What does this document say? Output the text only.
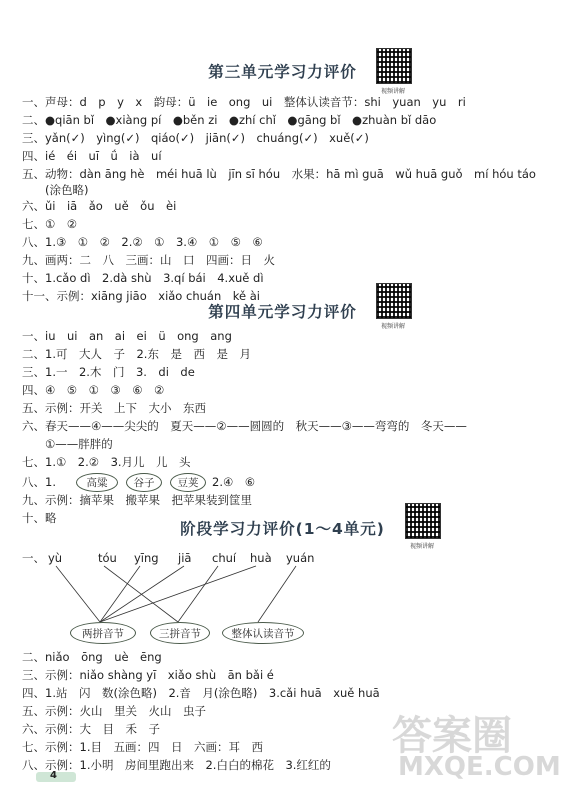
第三单元学习力评价
视频讲解
一、声母：d　p　y　x　韵母：ü　ie　ong　ui　整体认读音节：shi　yuan　yu　ri
二、●qiān bǐ　●xiàng pí　●běn zi　●zhí chǐ　●gāng bǐ　●zhuàn bǐ dāo
三、yǎn(✓)　yìng(✓)　qiáo(✓)　jiān(✓)　chuáng(✓)　xuě(✓)
四、ié　éi　uī　ǘ　ià　uí
五、动物：dàn āng hè　méi huā lù　jīn sī hóu　水果：hā mì guā　wǔ huā guǒ　mí hóu táo
　　(涂色略)
六、ǔi　iā　ǎo　uě　ǒu　èi
七、①　②
八、1.③　①　②　2.②　①　3.④　①　⑤　⑥
九、画两：二　八　三画：山　口　四画：日　火
十、1.cǎo dì　2.dà shù　3.qí bái　4.xuě dì
十一、示例：xiāng jiāo　xiǎo chuán　kě ài
第四单元学习力评价
视频讲解
一、iu　ui　an　ai　ei　ü　ong　ang
二、1.可　大人　子　2.东　是　西　是　月
三、1.一　2.木　门　3.　di　de
四、④　⑤　①　③　⑥　②
五、示例：开关　上下　大小　东西
六、春天——④——尖尖的　夏天——②——圆圆的　秋天——③——弯弯的　冬天——
　　①——胖胖的
七、1.①　2.②　3.月儿　儿　头
八、1.	高粱	谷子	豆荚	2.④　⑥
九、示例：摘苹果　搬苹果　把苹果装到筐里
十、略
阶段学习力评价(1～4单元)
视频讲解
一、 yù	tóu yīng jiā chuí huà yuán
两拼音节	三拼音节	整体认读音节
二、niǎo　ōng　uè　ēng
三、示例：niǎo shàng yī　xiǎo shù　ān bǎi é
四、1.站　闪　数(涂色略)　2.音　月(涂色略)　3.cǎi huā　xuě huā
五、示例：火山　里关　火山　虫子
六、示例：大　目　禾　子
七、示例：1.目　五画：四　日　六画：耳　西
八、示例：1.小明　房间里跑出来　2.白白的棉花　3.红红的
4
答案圈
MXQE.COM
